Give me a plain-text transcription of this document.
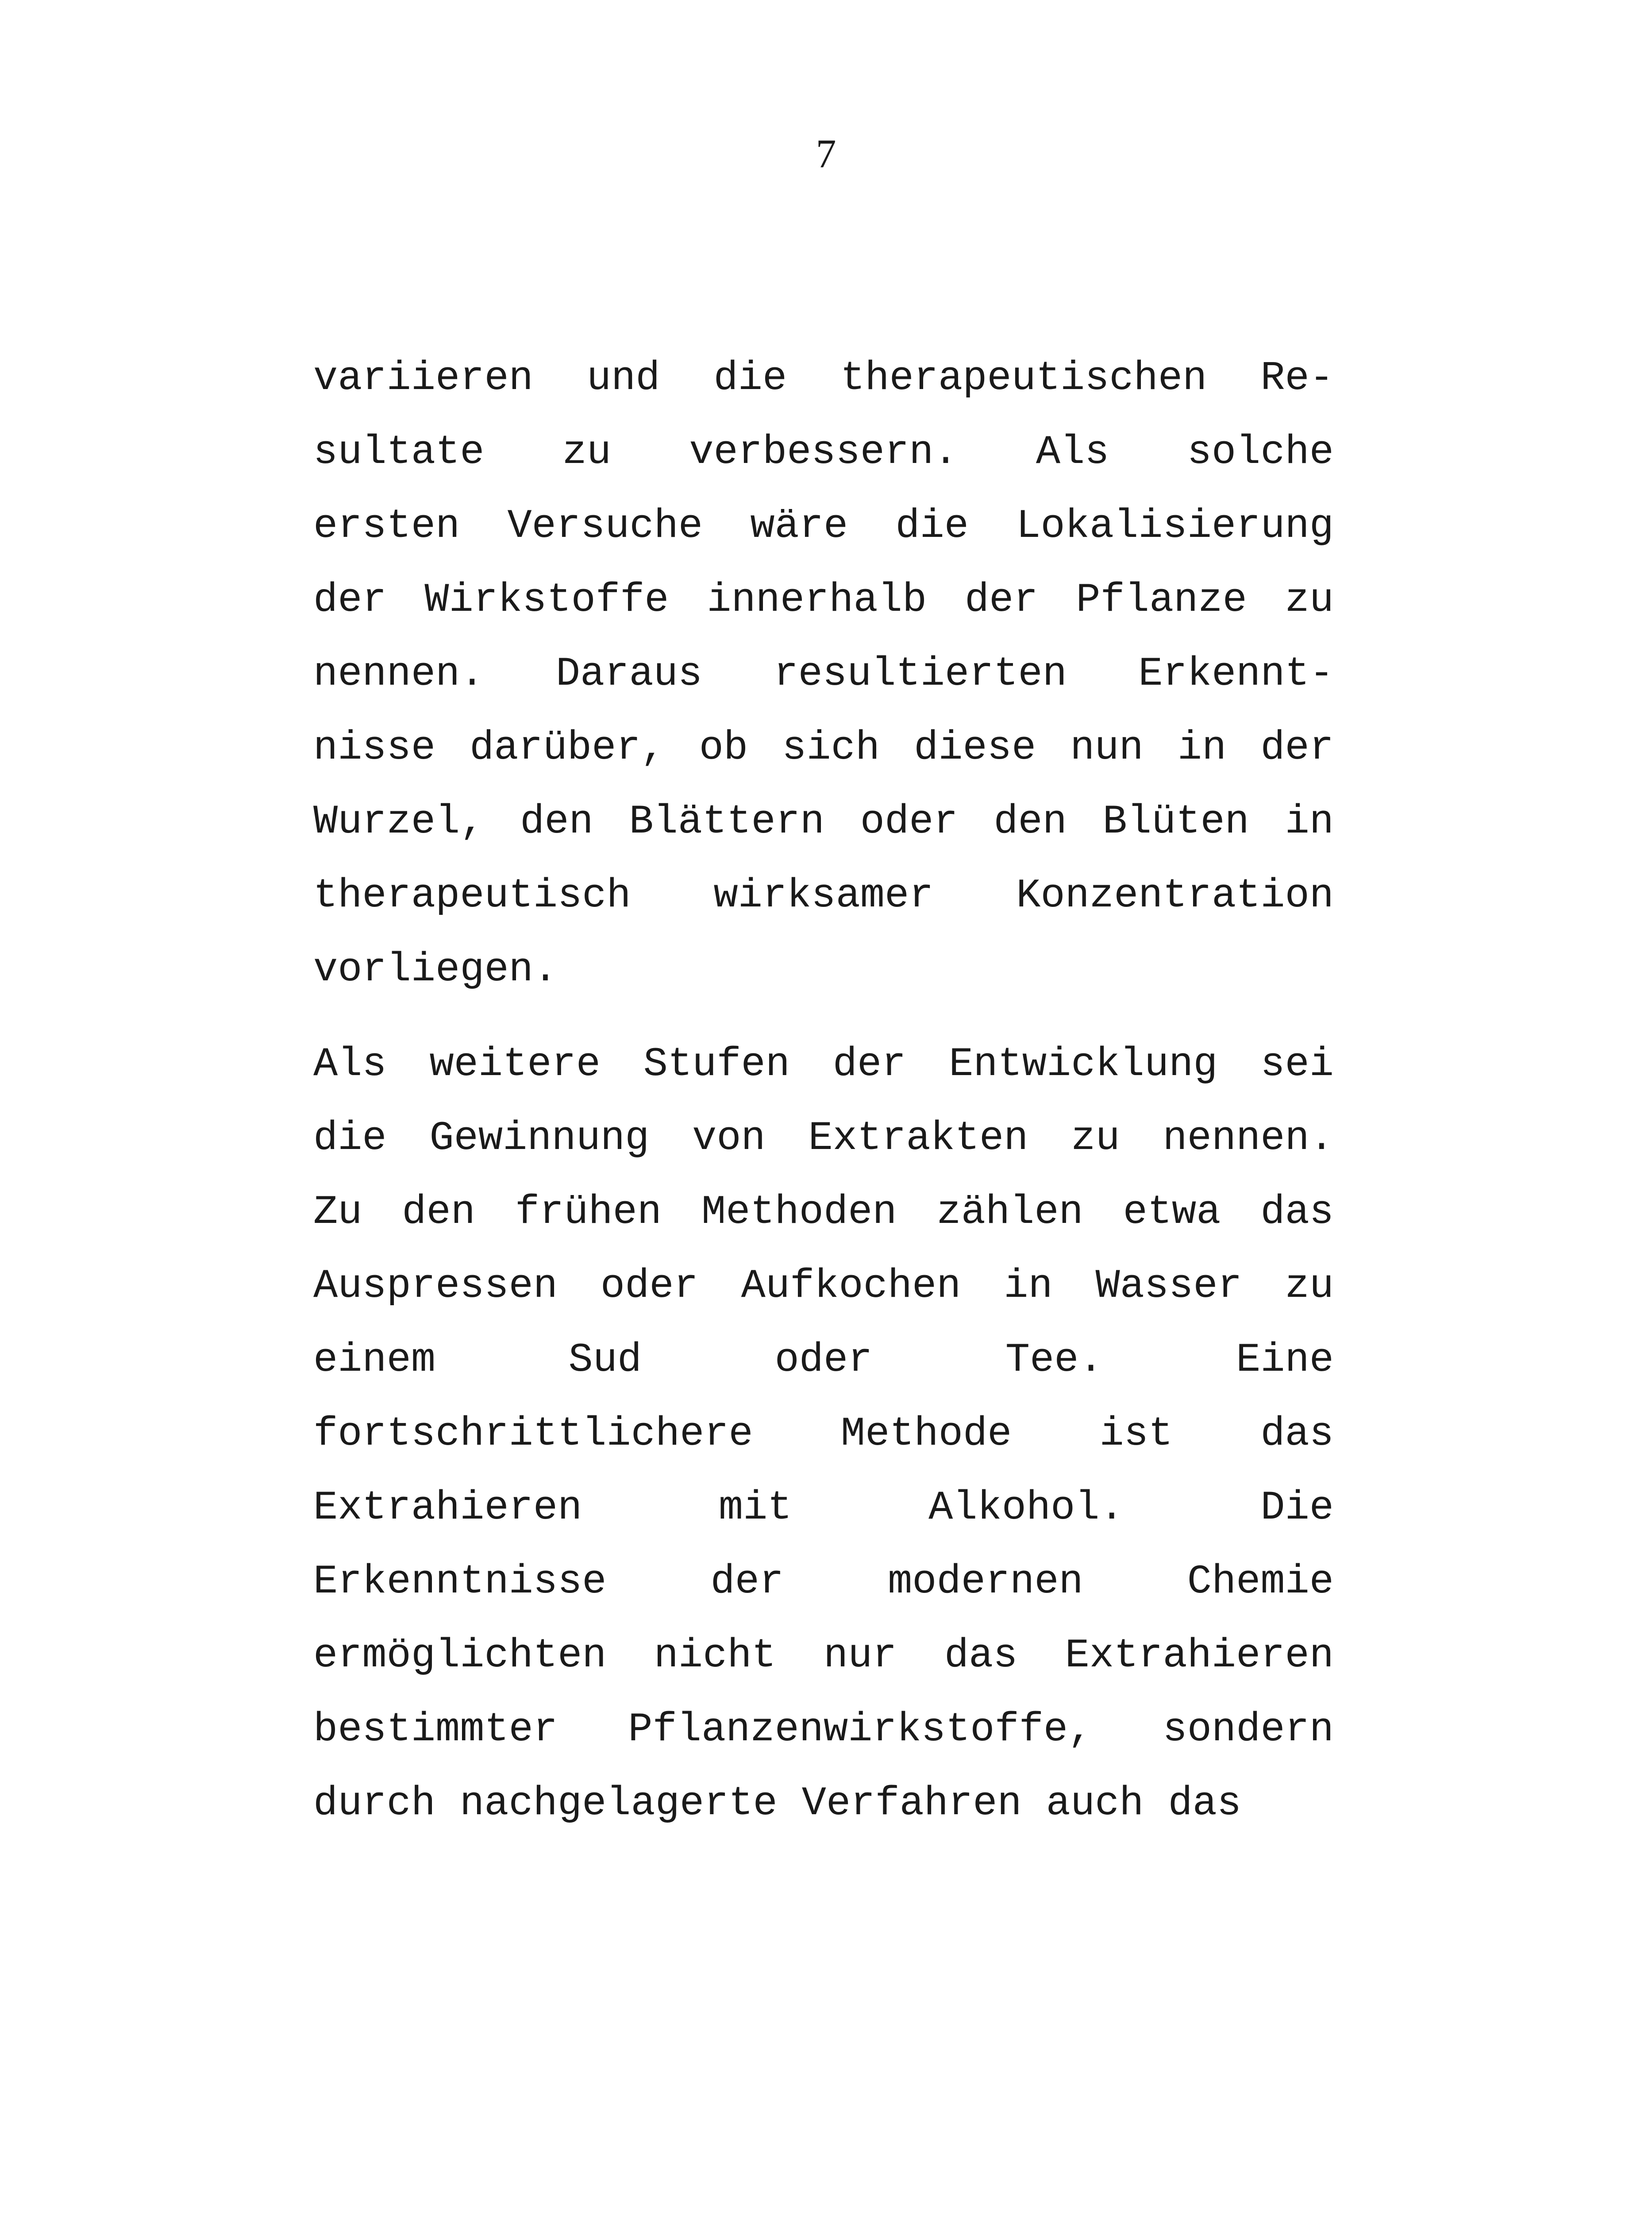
7
variieren und die therapeutischen Re-
sultate zu verbessern. Als solche
ersten Versuche wäre die Lokalisierung
der Wirkstoffe innerhalb der Pflanze zu
nennen. Daraus resultierten Erkennt-
nisse darüber, ob sich diese nun in der
Wurzel, den Blättern oder den Blüten in
therapeutisch wirksamer Konzentration
vorliegen.
Als weitere Stufen der Entwicklung sei
die Gewinnung von Extrakten zu nennen.
Zu den frühen Methoden zählen etwa das
Auspressen oder Aufkochen in Wasser zu
einem	Sud	oder	Tee.	Eine
fortschrittlichere Methode ist das
Extrahieren	mit	Alkohol.	Die
Erkenntnisse	der	modernen	Chemie
ermöglichten nicht nur das Extrahieren
bestimmter Pflanzenwirkstoffe, sondern
durch nachgelagerte Verfahren auch das
